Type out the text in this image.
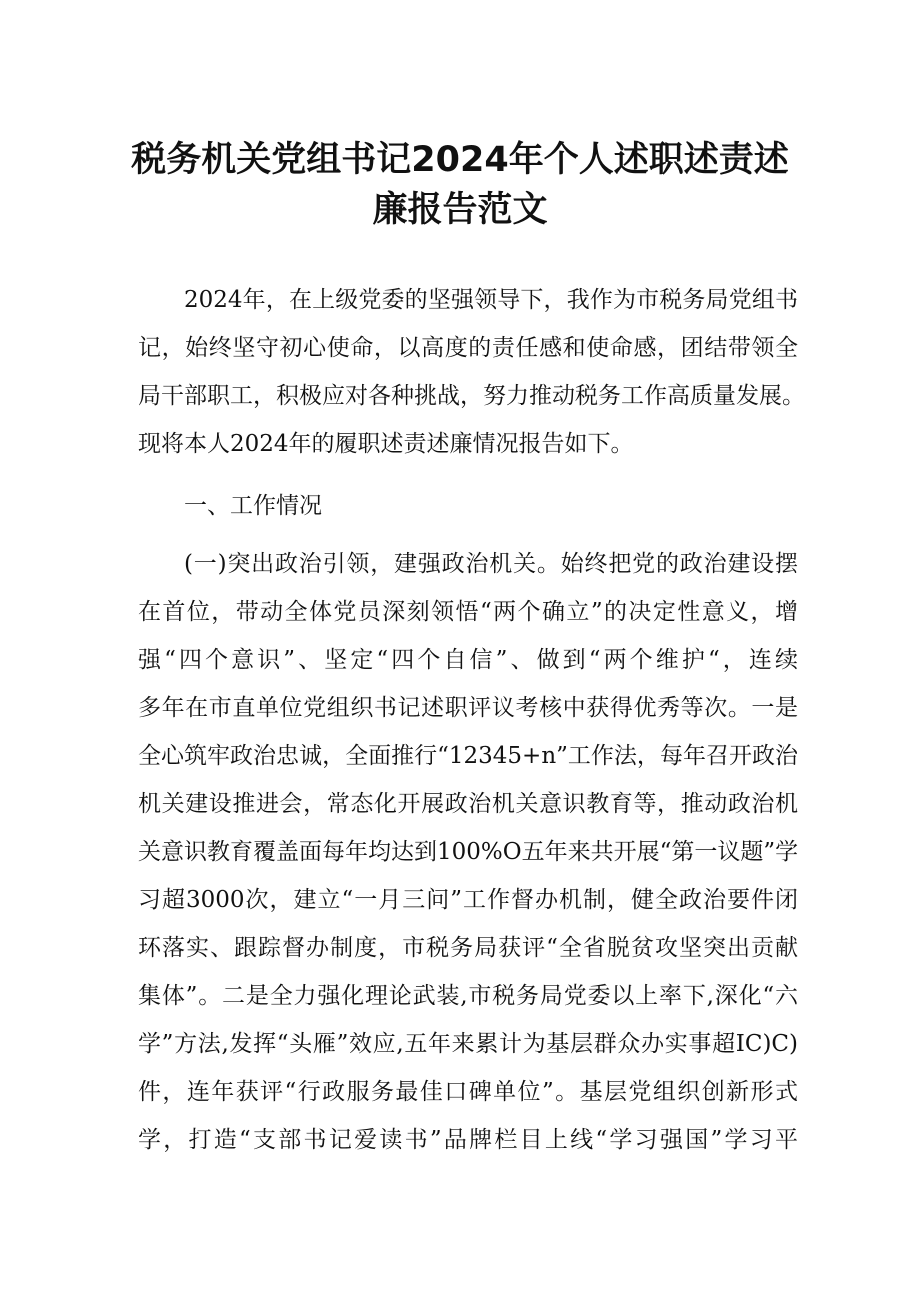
税务机关党组书记2024年个人述职述责述
廉报告范文
2024年，在上级党委的坚强领导下，我作为市税务局党组书
记，始终坚守初心使命，以高度的责任感和使命感，团结带领全
局干部职工，积极应对各种挑战，努力推动税务工作高质量发展。
现将本人2024年的履职述责述廉情况报告如下。
一、工作情况
(一)突出政治引领，建强政治机关。始终把党的政治建设摆
在首位，带动全体党员深刻领悟“两个确立”的决定性意义，增
强“四个意识”、坚定“四个自信”、做到“两个维护“，连续
多年在市直单位党组织书记述职评议考核中获得优秀等次。一是
全心筑牢政治忠诚，全面推行“12345+n”工作法，每年召开政治
机关建设推进会，常态化开展政治机关意识教育等，推动政治机
关意识教育覆盖面每年均达到100%O五年来共开展“第一议题”学
习超3000次，建立“一月三问”工作督办机制，健全政治要件闭
环落实、跟踪督办制度，市税务局获评“全省脱贫攻坚突出贡献
集体”。二是全力强化理论武装,市税务局党委以上率下,深化“六
学”方法,发挥“头雁”效应,五年来累计为基层群众办实事超IC)C)
件，连年获评“行政服务最佳口碑单位”。基层党组织创新形式
学，打造“支部书记爱读书”品牌栏目上线“学习强国”学习平
